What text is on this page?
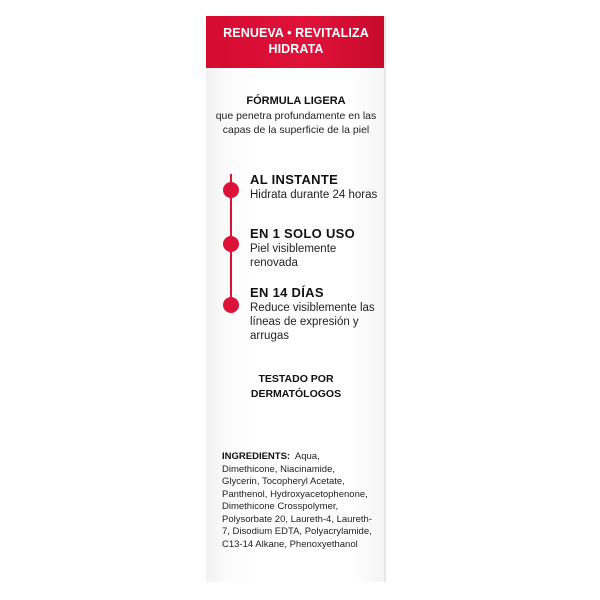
RENUEVA • REVITALIZA
HIDRATA
FÓRMULA LIGERA
que penetra profundamente en las capas de la superficie de la piel
AL INSTANTE
Hidrata durante 24 horas
EN 1 SOLO USO
Piel visiblemente renovada
EN 14 DÍAS
Reduce visiblemente las líneas de expresión y arrugas
TESTADO POR
DERMATÓLOGOS
INGREDIENTS: Aqua, Dimethicone, Niacinamide, Glycerin, Tocopheryl Acetate, Panthenol, Hydroxyacetophenone, Dimethicone Crosspolymer, Polysorbate 20, Laureth-4, Laureth-7, Disodium EDTA, Polyacrylamide, C13-14 Alkane, Phenoxyethanol
